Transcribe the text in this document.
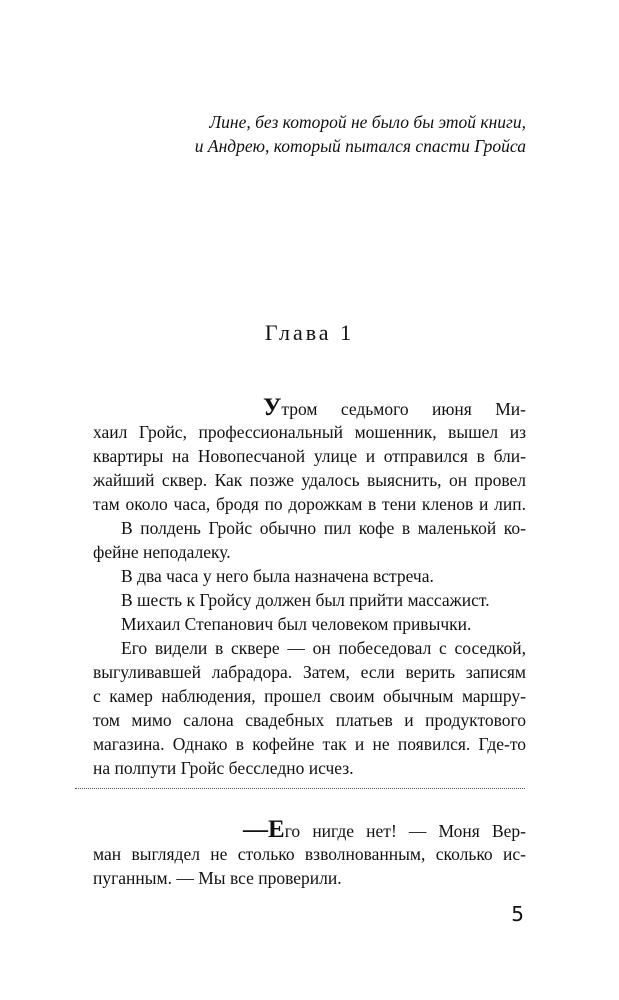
Лине, без которой не было бы этой книги,
и Андрею, который пытался спасти Гройса
Глава 1
Утром седьмого июня Ми-
хаил Гройс, профессиональный мошенник, вышел из
квартиры на Новопесчаной улице и отправился в бли-
жайший сквер. Как позже удалось выяснить, он провел
там около часа, бродя по дорожкам в тени кленов и лип.
В полдень Гройс обычно пил кофе в маленькой ко-
фейне неподалеку.
В два часа у него была назначена встреча.
В шесть к Гройсу должен был прийти массажист.
Михаил Степанович был человеком привычки.
Его видели в сквере — он побеседовал с соседкой,
выгуливавшей лабрадора. Затем, если верить записям
с камер наблюдения, прошел своим обычным маршру-
том мимо салона свадебных платьев и продуктового
магазина. Однако в кофейне так и не появился. Где-то
на полпути Гройс бесследно исчез.
—Его нигде нет! — Моня Вер-
ман выглядел не столько взволнованным, сколько ис-
пуганным. — Мы все проверили.
5
